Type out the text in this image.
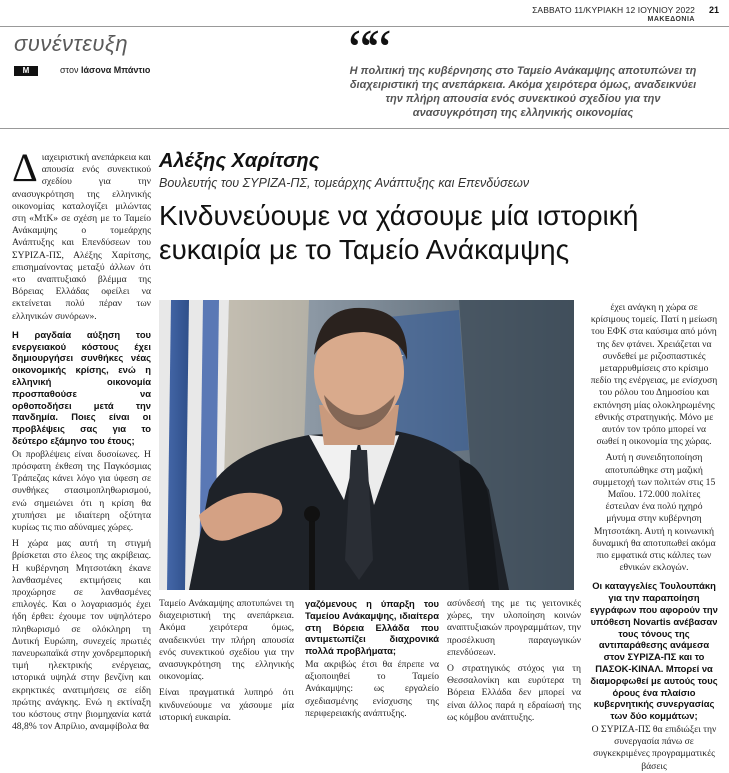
ΣΑΒΒΑΤΟ 11/ΚΥΡΙΑΚΗ 12 ΙΟΥΝΙΟΥ 2022
ΜΑΚΕΔΟΝΙΑ
21
συνέντευξη
M	στον Ιάσονα Μπάντιο	““
Η πολιτική της κυβέρνησης στο Ταμείο Ανάκαμψης αποτυπώνει τη διαχειριστική της ανεπάρκεια. Ακόμα χειρότερα όμως, αναδεικνύει την πλήρη απουσία ενός συνεκτικού σχεδίου για την ανασυγκρότηση της ελληνικής οικονομίας

Διαχειριστική ανεπάρκεια και απουσία ενός συνεκτικού σχεδίου για την ανασυγκρότηση της ελληνικής οικονομίας καταλογίζει μιλώντας στη «ΜτΚ» σε σχέση με το Ταμείο Ανάκαμψης ο τομεάρχης Ανάπτυξης και Επενδύσεων του ΣΥΡΙΖΑ-ΠΣ, Αλέξης Χαρίτσης, επισημαίνοντας μεταξύ άλλων ότι «το αναπτυξιακό βλέμμα της Βόρειας Ελλάδας οφείλει να εκτείνεται πολύ πέραν των ελληνικών συνόρων».

Η ραγδαία αύξηση του ενεργειακού κόστους έχει δημιουργήσει συνθήκες νέας οικονομικής κρίσης, ενώ η ελληνική οικονομία προσπαθούσε να ορθοποδήσει μετά την πανδημία. Ποιες είναι οι προβλέψεις σας για το δεύτερο εξάμηνο του έτους;

Οι προβλέψεις είναι δυσοίωνες. Η πρόσφατη έκθεση της Παγκόσμιας Τράπεζας κάνει λόγο για ύφεση σε συνθήκες στασιμοπληθωρισμού, ενώ σημειώνει ότι η κρίση θα χτυπήσει με ιδιαίτερη οξύτητα κυρίως τις πιο αδύναμες χώρες.

Η χώρα μας αυτή τη στιγμή βρίσκεται στο έλεος της ακρίβειας. Η κυβέρνηση Μητσοτάκη έκανε λανθασμένες εκτιμήσεις και προχώρησε σε λανθασμένες επιλογές. Και ο λογαριασμός έχει ήδη έρθει: έχουμε τον υψηλότερο πληθωρισμό σε ολόκληρη τη Δυτική Ευρώπη, συνεχείς πρωτιές πανευρωπαϊκά στην χονδρεμπορική τιμή ηλεκτρικής ενέργειας, ιστορικά υψηλά στην βενζίνη και εκρηκτικές ανατιμήσεις σε είδη πρώτης ανάγκης. Ενώ η εκτίναξη του κόστους στην βιομηχανία κατά 48,8% τον Απρίλιο, αναμφίβολα θα

Αλέξης Χαρίτσης
Βουλευτής του ΣΥΡΙΖΑ-ΠΣ, τομεάρχης Ανάπτυξης και Επενδύσεων
Κινδυνεύουμε να χάσουμε μία ιστορική ευκαιρία με το Ταμείο Ανάκαμψης

Ταμείο Ανάκαμψης αποτυπώνει τη διαχειριστική της ανεπάρκεια. Ακόμα χειρότερα όμως, αναδεικνύει την πλήρη απουσία ενός συνεκτικού σχεδίου για την ανασυγκρότηση της ελληνικής οικονομίας.

Είναι πραγματικά λυπηρό ότι κινδυνεύουμε να χάσουμε μία ιστορική ευκαιρία.

γαζόμενους η ύπαρξη του Ταμείου Ανάκαμψης, ιδιαίτερα στη Βόρεια Ελλάδα που αντιμετωπίζει διαχρονικά πολλά προβλήματα;

Μα ακριβώς έτσι θα έπρεπε να αξιοποιηθεί το Ταμείο Ανάκαμψης: ως εργαλείο σχεδιασμένης ενίσχυσης της περιφερειακής ανάπτυξης.

ασύνδεσή της με τις γειτονικές χώρες, την υλοποίηση κοινών αναπτυξιακών προγραμμάτων, την προσέλκυση παραγωγικών επενδύσεων.

Ο στρατηγικός στόχος για τη Θεσσαλονίκη και ευρύτερα τη Βόρεια Ελλάδα δεν μπορεί να είναι άλλος παρά η εδραίωσή της ως κόμβου ανάπτυξης.

έχει ανάγκη η χώρα σε κρίσιμους τομείς. Πατί η μείωση του ΕΦΚ στα καύσιμα από μόνη της δεν φτάνει. Χρειάζεται να συνδεθεί με ριζοσπαστικές μεταρρυθμίσεις στο κρίσιμο πεδίο της ενέργειας, με ενίσχυση του ρόλου του Δημοσίου και εκπόνηση μίας ολοκληρωμένης εθνικής στρατηγικής. Μόνο με αυτόν τον τρόπο μπορεί να σωθεί η οικονομία της χώρας.

Αυτή η συνειδητοποίηση αποτυπώθηκε στη μαζική συμμετοχή των πολιτών στις 15 Μαΐου. 172.000 πολίτες έστειλαν ένα πολύ ηχηρό μήνυμα στην κυβέρνηση Μητσοτάκη. Αυτή η κοινωνική δυναμική θα αποτυπωθεί ακόμα πιο εμφατικά στις κάλπες των εθνικών εκλογών.

Οι καταγγελίες Τουλουπάκη για την παραποίηση εγγράφων που αφορούν την υπόθεση Novartis ανέβασαν τους τόνους της αντιπαράθεσης ανάμεσα στον ΣΥΡΙΖΑ-ΠΣ και το ΠΑΣΟΚ-ΚΙΝΑΛ. Μπορεί να διαμορφωθεί με αυτούς τους όρους ένα πλαίσιο κυβερνητικής συνεργασίας των δύο κομμάτων;

Ο ΣΥΡΙΖΑ-ΠΣ θα επιδιώξει την συνεργασία πάνω σε συγκεκριμένες προγραμματικές βάσεις
